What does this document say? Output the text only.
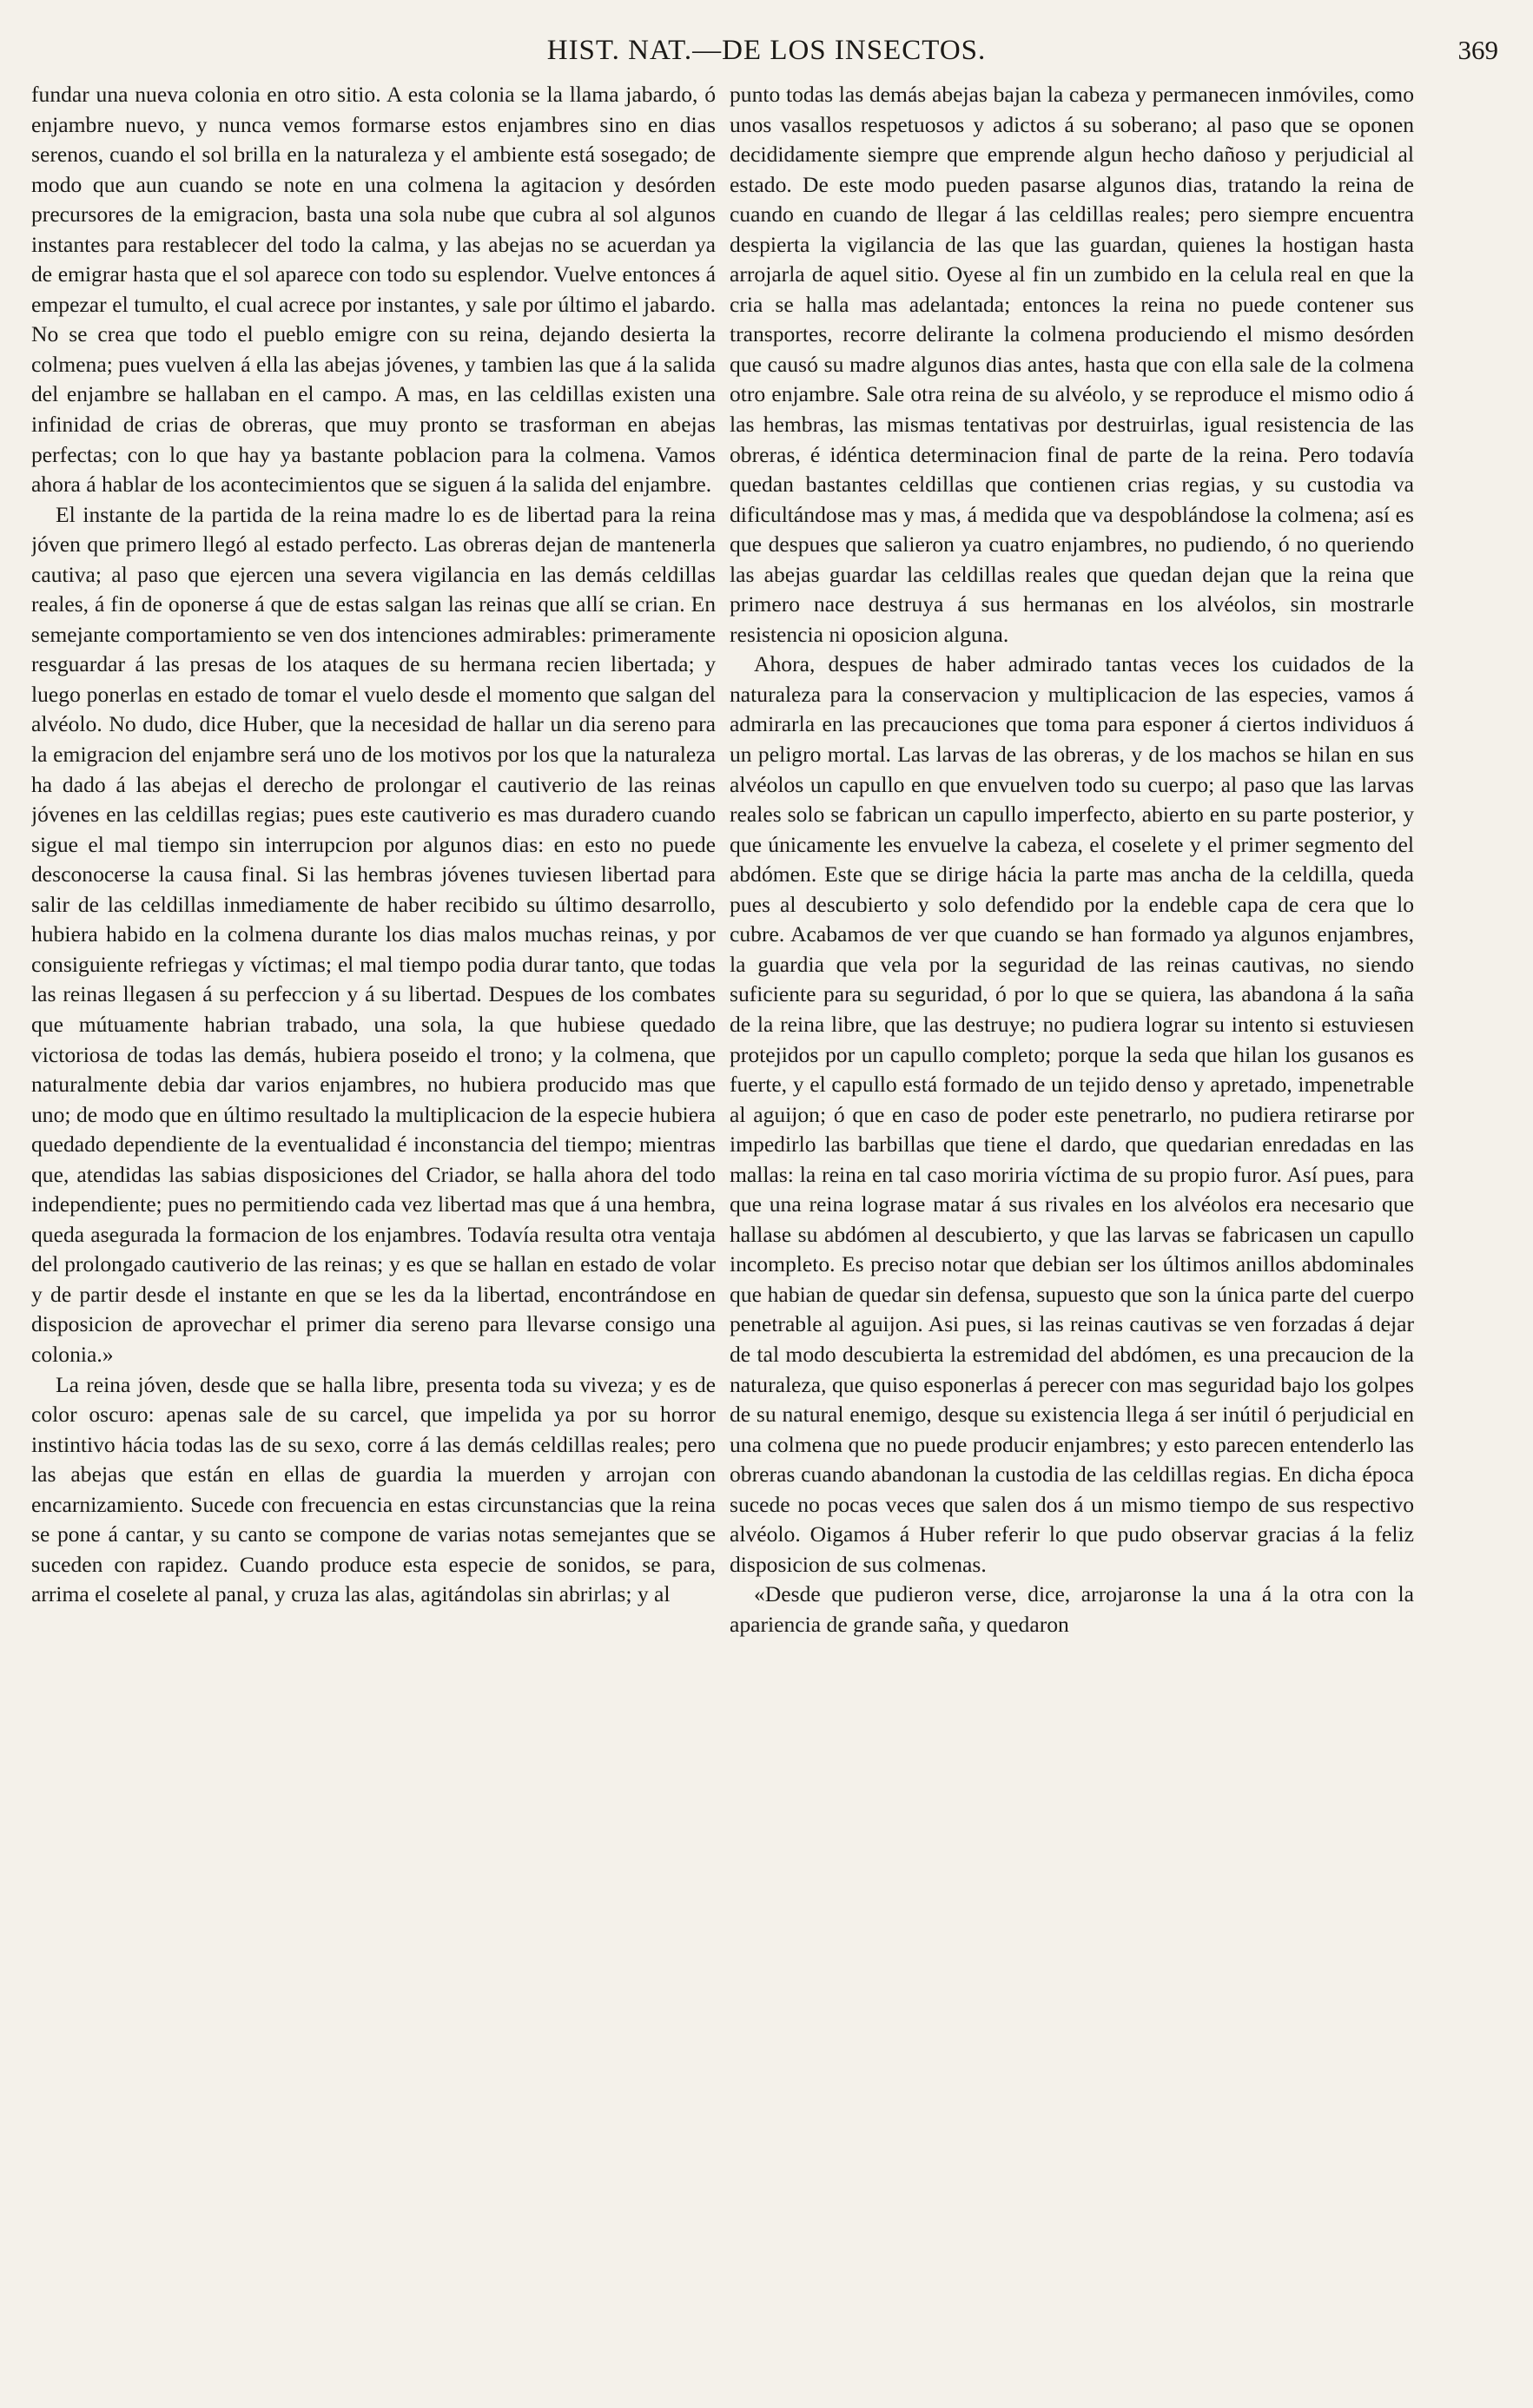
HIST. NAT.—DE LOS INSECTOS.	369

fundar una nueva colonia en otro sitio. A esta colonia se la llama jabardo, ó enjambre nuevo, y nunca vemos formarse estos enjambres sino en dias serenos, cuando el sol brilla en la naturaleza y el ambiente está sosegado; de modo que aun cuando se note en una colmena la agitacion y desórden precursores de la emigracion, basta una sola nube que cubra al sol algunos instantes para restablecer del todo la calma, y las abejas no se acuerdan ya de emigrar hasta que el sol aparece con todo su esplendor. Vuelve entonces á empezar el tumulto, el cual acrece por instantes, y sale por último el jabardo. No se crea que todo el pueblo emigre con su reina, dejando desierta la colmena; pues vuelven á ella las abejas jóvenes, y tambien las que á la salida del enjambre se hallaban en el campo. A mas, en las celdillas existen una infinidad de crias de obreras, que muy pronto se trasforman en abejas perfectas; con lo que hay ya bastante poblacion para la colmena. Vamos ahora á hablar de los acontecimientos que se siguen á la salida del enjambre.

El instante de la partida de la reina madre lo es de libertad para la reina jóven que primero llegó al estado perfecto. Las obreras dejan de mantenerla cautiva; al paso que ejercen una severa vigilancia en las demás celdillas reales, á fin de oponerse á que de estas salgan las reinas que allí se crian. En semejante comportamiento se ven dos intenciones admirables: primeramente resguardar á las presas de los ataques de su hermana recien libertada; y luego ponerlas en estado de tomar el vuelo desde el momento que salgan del alvéolo. No dudo, dice Huber, que la necesidad de hallar un dia sereno para la emigracion del enjambre será uno de los motivos por los que la naturaleza ha dado á las abejas el derecho de prolongar el cautiverio de las reinas jóvenes en las celdillas regias; pues este cautiverio es mas duradero cuando sigue el mal tiempo sin interrupcion por algunos dias: en esto no puede desconocerse la causa final. Si las hembras jóvenes tuviesen libertad para salir de las celdillas inmediamente de haber recibido su último desarrollo, hubiera habido en la colmena durante los dias malos muchas reinas, y por consiguiente refriegas y víctimas; el mal tiempo podia durar tanto, que todas las reinas llegasen á su perfeccion y á su libertad. Despues de los combates que mútuamente habrian trabado, una sola, la que hubiese quedado victoriosa de todas las demás, hubiera poseido el trono; y la colmena, que naturalmente debia dar varios enjambres, no hubiera producido mas que uno; de modo que en último resultado la multiplicacion de la especie hubiera quedado dependiente de la eventualidad é inconstancia del tiempo; mientras que, atendidas las sabias disposiciones del Criador, se halla ahora del todo independiente; pues no permitiendo cada vez libertad mas que á una hembra, queda asegurada la formacion de los enjambres. Todavía resulta otra ventaja del prolongado cautiverio de las reinas; y es que se hallan en estado de volar y de partir desde el instante en que se les da la libertad, encontrándose en disposicion de aprovechar el primer dia sereno para llevarse consigo una colonia.»

La reina jóven, desde que se halla libre, presenta toda su viveza; y es de color oscuro: apenas sale de su carcel, que impelida ya por su horror instintivo hácia todas las de su sexo, corre á las demás celdillas reales; pero las abejas que están en ellas de guardia la muerden y arrojan con encarnizamiento. Sucede con frecuencia en estas circunstancias que la reina se pone á cantar, y su canto se compone de varias notas semejantes que se suceden con rapidez. Cuando produce esta especie de sonidos, se para, arrima el coselete al panal, y cruza las alas, agitándolas sin abrirlas; y al

punto todas las demás abejas bajan la cabeza y permanecen inmóviles, como unos vasallos respetuosos y adictos á su soberano; al paso que se oponen decididamente siempre que emprende algun hecho dañoso y perjudicial al estado. De este modo pueden pasarse algunos dias, tratando la reina de cuando en cuando de llegar á las celdillas reales; pero siempre encuentra despierta la vigilancia de las que las guardan, quienes la hostigan hasta arrojarla de aquel sitio. Oyese al fin un zumbido en la celula real en que la cria se halla mas adelantada; entonces la reina no puede contener sus transportes, recorre delirante la colmena produciendo el mismo desórden que causó su madre algunos dias antes, hasta que con ella sale de la colmena otro enjambre. Sale otra reina de su alvéolo, y se reproduce el mismo odio á las hembras, las mismas tentativas por destruirlas, igual resistencia de las obreras, é idéntica determinacion final de parte de la reina. Pero todavía quedan bastantes celdillas que contienen crias regias, y su custodia va dificultándose mas y mas, á medida que va despoblándose la colmena; así es que despues que salieron ya cuatro enjambres, no pudiendo, ó no queriendo las abejas guardar las celdillas reales que quedan dejan que la reina que primero nace destruya á sus hermanas en los alvéolos, sin mostrarle resistencia ni oposicion alguna.

Ahora, despues de haber admirado tantas veces los cuidados de la naturaleza para la conservacion y multiplicacion de las especies, vamos á admirarla en las precauciones que toma para esponer á ciertos individuos á un peligro mortal. Las larvas de las obreras, y de los machos se hilan en sus alvéolos un capullo en que envuelven todo su cuerpo; al paso que las larvas reales solo se fabrican un capullo imperfecto, abierto en su parte posterior, y que únicamente les envuelve la cabeza, el coselete y el primer segmento del abdómen. Este que se dirige hácia la parte mas ancha de la celdilla, queda pues al descubierto y solo defendido por la endeble capa de cera que lo cubre. Acabamos de ver que cuando se han formado ya algunos enjambres, la guardia que vela por la seguridad de las reinas cautivas, no siendo suficiente para su seguridad, ó por lo que se quiera, las abandona á la saña de la reina libre, que las destruye; no pudiera lograr su intento si estuviesen protejidos por un capullo completo; porque la seda que hilan los gusanos es fuerte, y el capullo está formado de un tejido denso y apretado, impenetrable al aguijon; ó que en caso de poder este penetrarlo, no pudiera retirarse por impedirlo las barbillas que tiene el dardo, que quedarian enredadas en las mallas: la reina en tal caso moriria víctima de su propio furor. Así pues, para que una reina lograse matar á sus rivales en los alvéolos era necesario que hallase su abdómen al descubierto, y que las larvas se fabricasen un capullo incompleto. Es preciso notar que debian ser los últimos anillos abdominales que habian de quedar sin defensa, supuesto que son la única parte del cuerpo penetrable al aguijon. Asi pues, si las reinas cautivas se ven forzadas á dejar de tal modo descubierta la estremidad del abdómen, es una precaucion de la naturaleza, que quiso esponerlas á perecer con mas seguridad bajo los golpes de su natural enemigo, desque su existencia llega á ser inútil ó perjudicial en una colmena que no puede producir enjambres; y esto parecen entenderlo las obreras cuando abandonan la custodia de las celdillas regias. En dicha época sucede no pocas veces que salen dos á un mismo tiempo de sus respectivo alvéolo. Oigamos á Huber referir lo que pudo observar gracias á la feliz disposicion de sus colmenas.

«Desde que pudieron verse, dice, arrojaronse la una á la otra con la apariencia de grande saña, y quedaron
